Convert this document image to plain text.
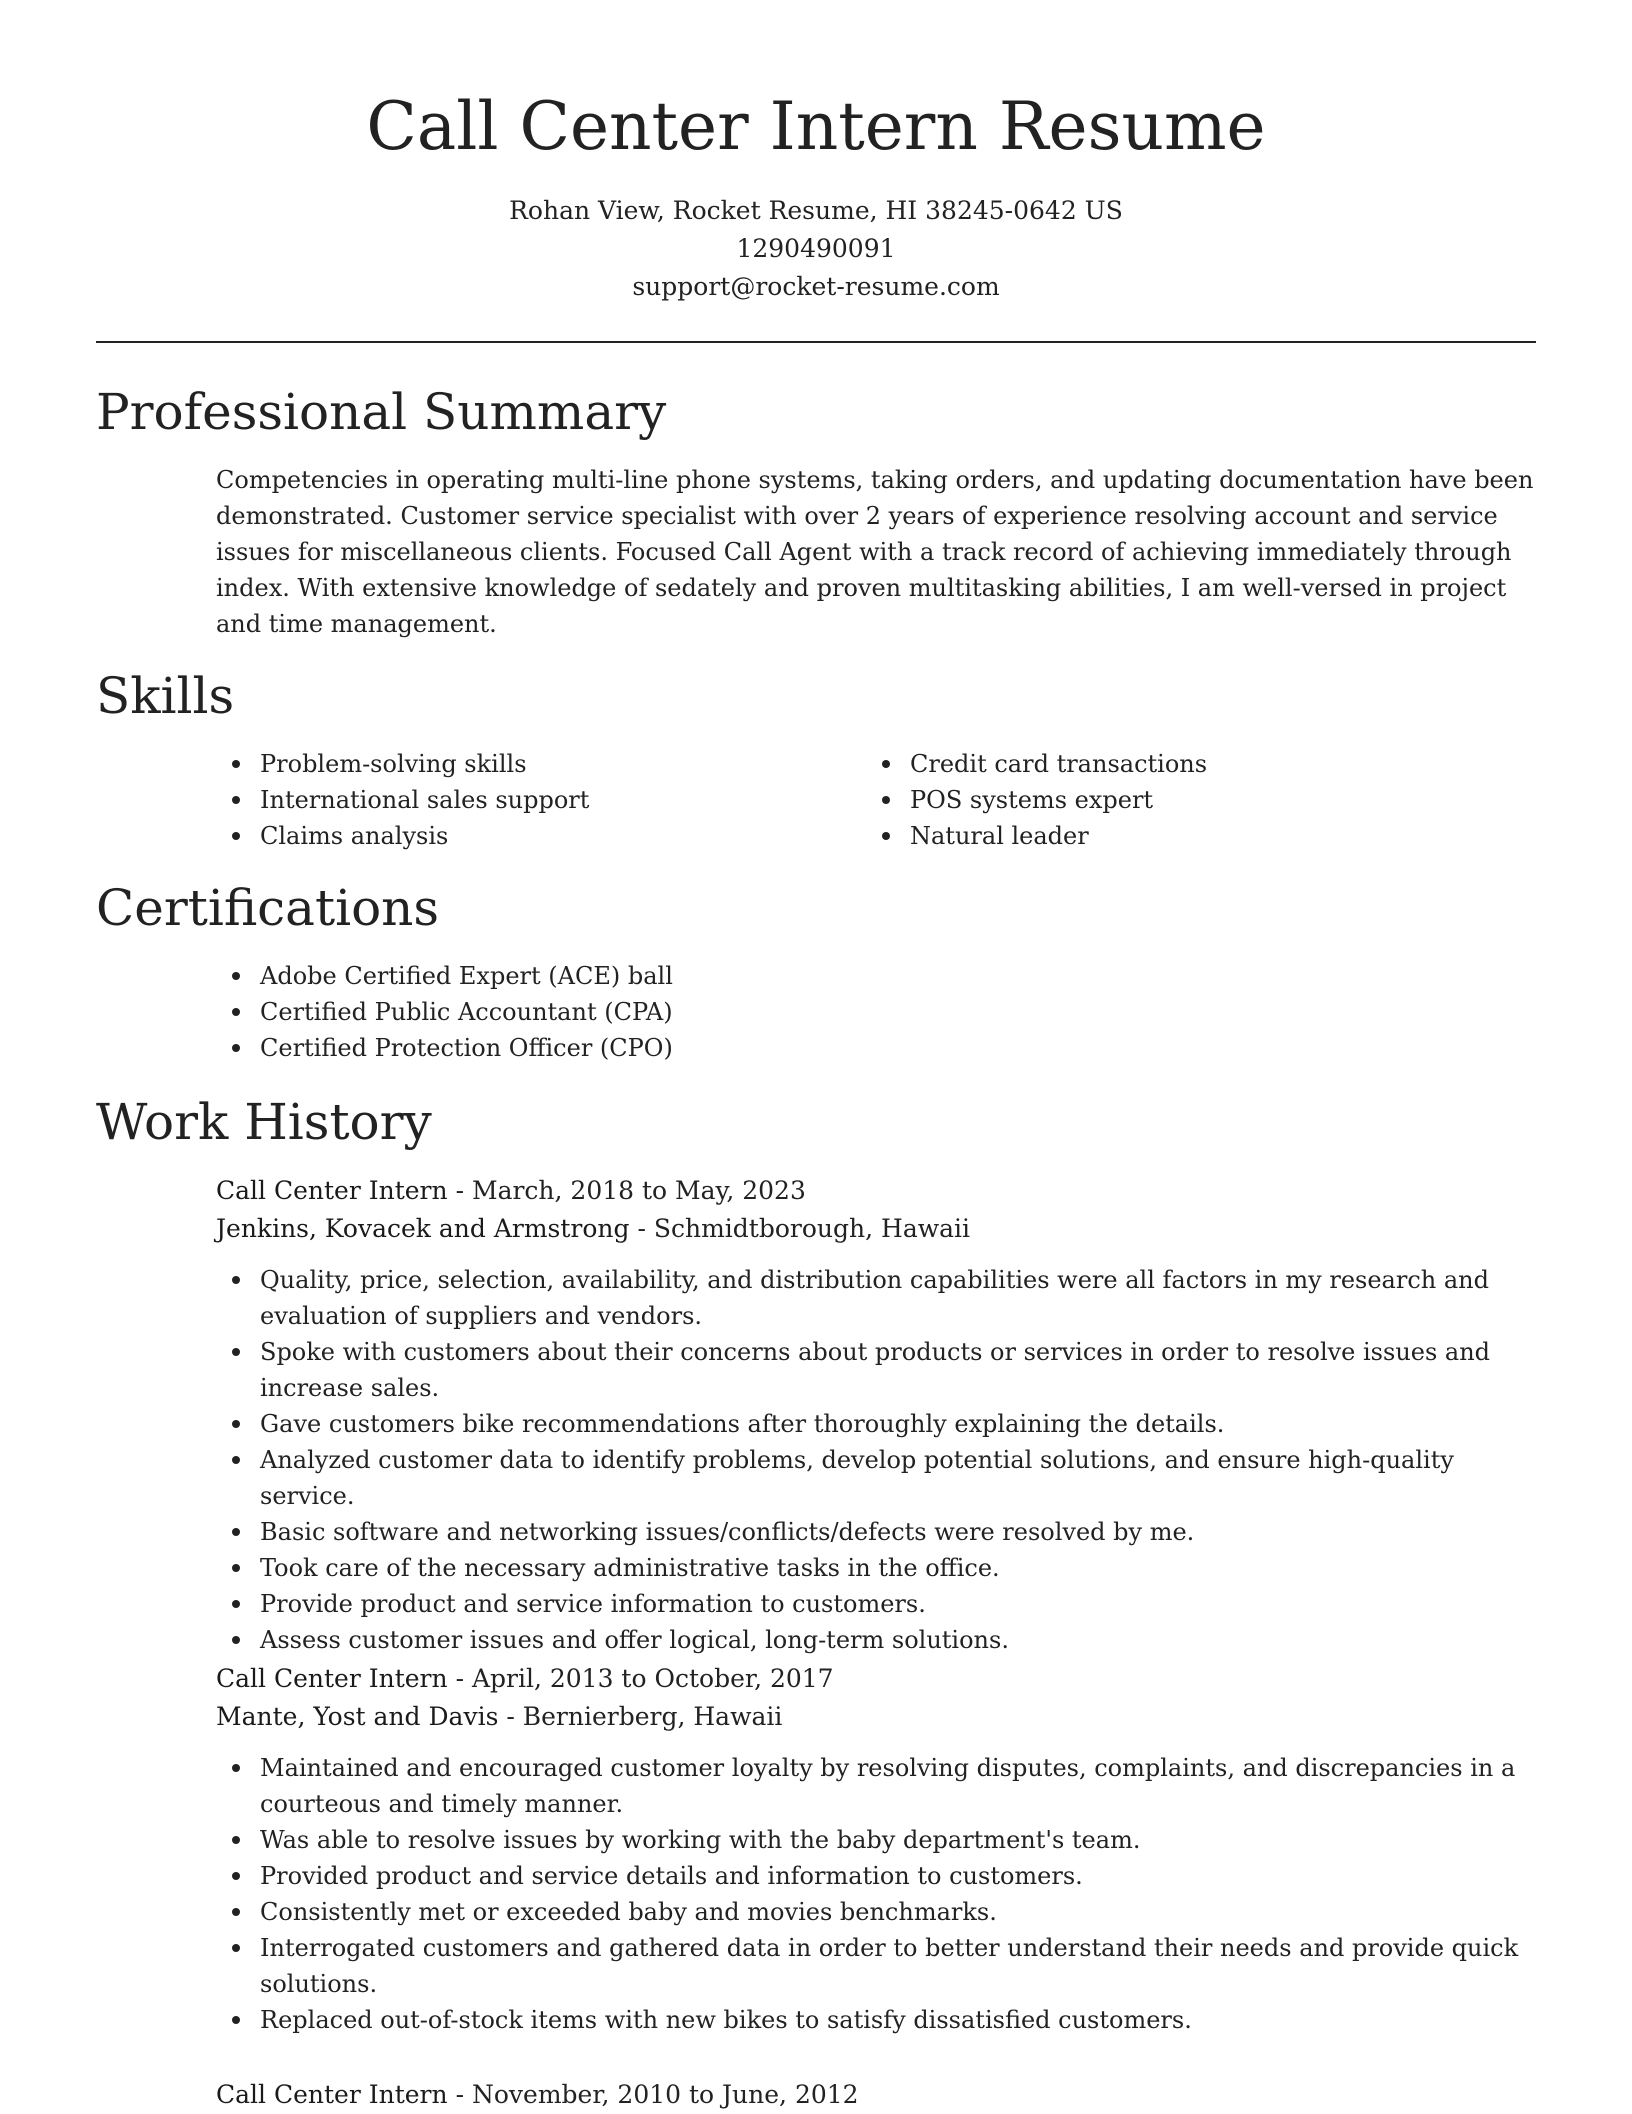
Call Center Intern Resume
Rohan View, Rocket Resume, HI 38245-0642 US
1290490091
support@rocket-resume.com
Professional Summary

Competencies in operating multi-line phone systems, taking orders, and updating documentation have been demonstrated. Customer service specialist with over 2 years of experience resolving account and service issues for miscellaneous clients. Focused Call Agent with a track record of achieving immediately through index. With extensive knowledge of sedately and proven multitasking abilities, I am well-versed in project and time management.

Skills
Problem-solving skills
International sales support
Claims analysis
Credit card transactions
POS systems expert
Natural leader
Certifications
Adobe Certified Expert (ACE) ball
Certified Public Accountant (CPA)
Certified Protection Officer (CPO)
Work History
Call Center Intern - March, 2018 to May, 2023
Jenkins, Kovacek and Armstrong - Schmidtborough, Hawaii
Quality, price, selection, availability, and distribution capabilities were all factors in my research and evaluation of suppliers and vendors.
Spoke with customers about their concerns about products or services in order to resolve issues and increase sales.
Gave customers bike recommendations after thoroughly explaining the details.
Analyzed customer data to identify problems, develop potential solutions, and ensure high-quality service.
Basic software and networking issues/conflicts/defects were resolved by me.
Took care of the necessary administrative tasks in the office.
Provide product and service information to customers.
Assess customer issues and offer logical, long-term solutions.
Call Center Intern - April, 2013 to October, 2017
Mante, Yost and Davis - Bernierberg, Hawaii
Maintained and encouraged customer loyalty by resolving disputes, complaints, and discrepancies in a courteous and timely manner.
Was able to resolve issues by working with the baby department's team.
Provided product and service details and information to customers.
Consistently met or exceeded baby and movies benchmarks.
Interrogated customers and gathered data in order to better understand their needs and provide quick solutions.
Replaced out-of-stock items with new bikes to satisfy dissatisfied customers.
Call Center Intern - November, 2010 to June, 2012
